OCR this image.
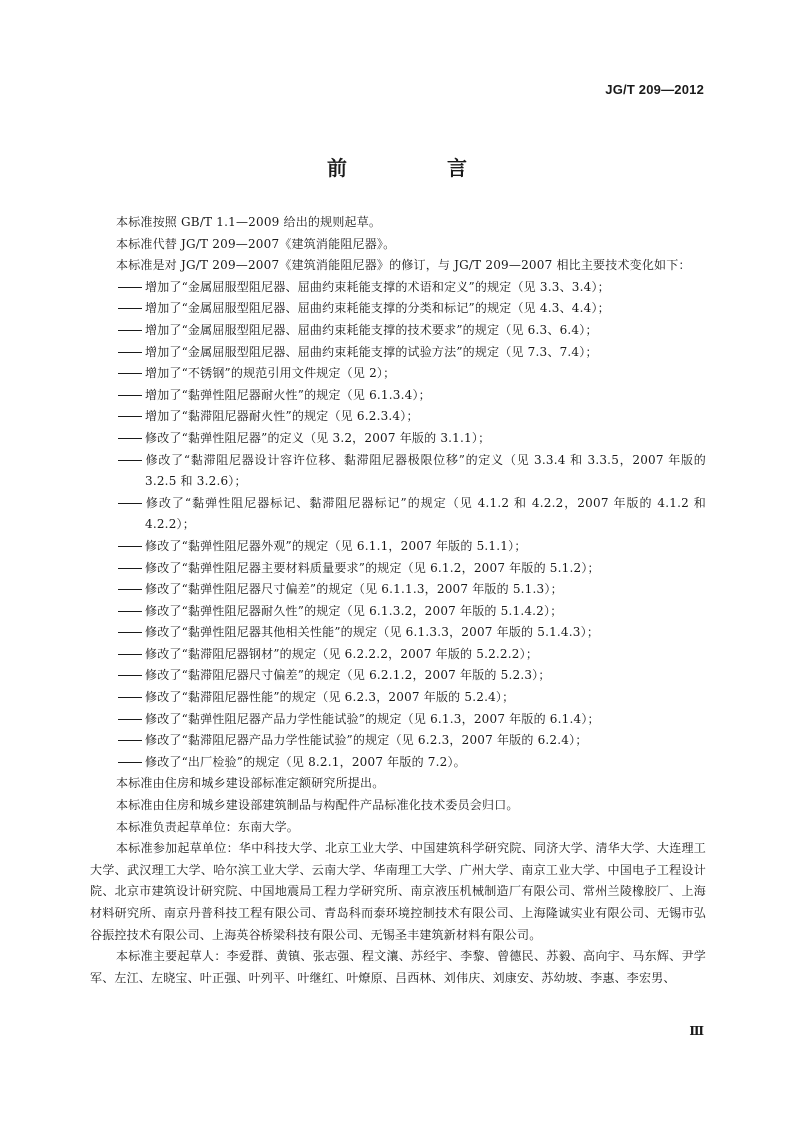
JG/T 209—2012
前　言

本标准按照 GB/T 1.1—2009 给出的规则起草。

本标准代替 JG/T 209—2007《建筑消能阻尼器》。

本标准是对 JG/T 209—2007《建筑消能阻尼器》的修订，与 JG/T 209—2007 相比主要技术变化如下：

增加了“金属屈服型阻尼器、屈曲约束耗能支撑的术语和定义”的规定（见 3.3、3.4）；

增加了“金属屈服型阻尼器、屈曲约束耗能支撑的分类和标记”的规定（见 4.3、4.4）；

增加了“金属屈服型阻尼器、屈曲约束耗能支撑的技术要求”的规定（见 6.3、6.4）；

增加了“金属屈服型阻尼器、屈曲约束耗能支撑的试验方法”的规定（见 7.3、7.4）；

增加了“不锈钢”的规范引用文件规定（见 2）；

增加了“黏弹性阻尼器耐火性”的规定（见 6.1.3.4）；

增加了“黏滞阻尼器耐火性”的规定（见 6.2.3.4）；

修改了“黏弹性阻尼器”的定义（见 3.2，2007 年版的 3.1.1）；

修改了“黏滞阻尼器设计容许位移、黏滞阻尼器极限位移”的定义（见 3.3.4 和 3.3.5，2007 年版的 3.2.5 和 3.2.6）；

修改了“黏弹性阻尼器标记、黏滞阻尼器标记”的规定（见 4.1.2 和 4.2.2，2007 年版的 4.1.2 和 4.2.2）；

修改了“黏弹性阻尼器外观”的规定（见 6.1.1，2007 年版的 5.1.1）；

修改了“黏弹性阻尼器主要材料质量要求”的规定（见 6.1.2，2007 年版的 5.1.2）；

修改了“黏弹性阻尼器尺寸偏差”的规定（见 6.1.1.3，2007 年版的 5.1.3）；

修改了“黏弹性阻尼器耐久性”的规定（见 6.1.3.2，2007 年版的 5.1.4.2）；

修改了“黏弹性阻尼器其他相关性能”的规定（见 6.1.3.3，2007 年版的 5.1.4.3）；

修改了“黏滞阻尼器钢材”的规定（见 6.2.2.2，2007 年版的 5.2.2.2）；

修改了“黏滞阻尼器尺寸偏差”的规定（见 6.2.1.2，2007 年版的 5.2.3）；

修改了“黏滞阻尼器性能”的规定（见 6.2.3，2007 年版的 5.2.4）；

修改了“黏弹性阻尼器产品力学性能试验”的规定（见 6.1.3，2007 年版的 6.1.4）；

修改了“黏滞阻尼器产品力学性能试验”的规定（见 6.2.3，2007 年版的 6.2.4）；

修改了“出厂检验”的规定（见 8.2.1，2007 年版的 7.2）。

本标准由住房和城乡建设部标准定额研究所提出。

本标准由住房和城乡建设部建筑制品与构配件产品标准化技术委员会归口。

本标准负责起草单位：东南大学。

本标准参加起草单位：华中科技大学、北京工业大学、中国建筑科学研究院、同济大学、清华大学、大连理工大学、武汉理工大学、哈尔滨工业大学、云南大学、华南理工大学、广州大学、南京工业大学、中国电子工程设计院、北京市建筑设计研究院、中国地震局工程力学研究所、南京液压机械制造厂有限公司、常州兰陵橡胶厂、上海材料研究所、南京丹普科技工程有限公司、青岛科而泰环境控制技术有限公司、上海隆诚实业有限公司、无锡市弘谷振控技术有限公司、上海英谷桥梁科技有限公司、无锡圣丰建筑新材料有限公司。

本标准主要起草人：李爱群、黄镇、张志强、程文瀼、苏经宇、李黎、曾德民、苏毅、高向宇、马东辉、尹学军、左江、左晓宝、叶正强、叶列平、叶继红、叶燎原、吕西林、刘伟庆、刘康安、苏幼坡、李惠、李宏男、

Ⅲ
